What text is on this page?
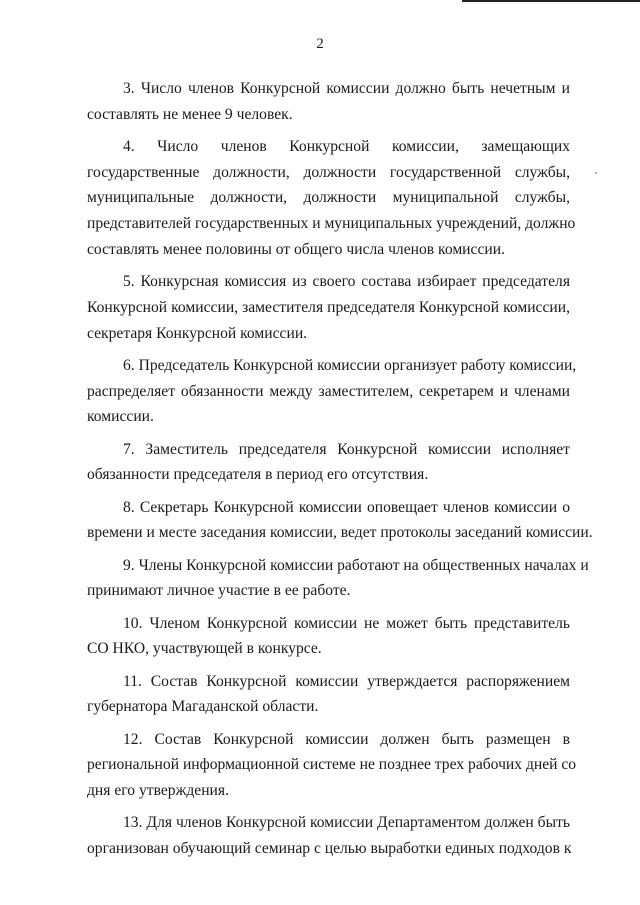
2

3. Число членов Конкурсной комиссии должно быть нечетным и
составлять не менее 9 человек.

4. Число членов Конкурсной комиссии, замещающих
государственные должности, должности государственной службы,
муниципальные должности, должности муниципальной службы,
представителей государственных и муниципальных учреждений, должно
составлять менее половины от общего числа членов комиссии.

5. Конкурсная комиссия из своего состава избирает председателя
Конкурсной комиссии, заместителя председателя Конкурсной комиссии,
секретаря Конкурсной комиссии.

6. Председатель Конкурсной комиссии организует работу комиссии,
распределяет обязанности между заместителем, секретарем и членами
комиссии.

7. Заместитель председателя Конкурсной комиссии исполняет
обязанности председателя в период его отсутствия.

8. Секретарь Конкурсной комиссии оповещает членов комиссии о
времени и месте заседания комиссии, ведет протоколы заседаний комиссии.

9. Члены Конкурсной комиссии работают на общественных началах и
принимают личное участие в ее работе.

10. Членом Конкурсной комиссии не может быть представитель
СО НКО, участвующей в конкурсе.

11. Состав Конкурсной комиссии утверждается распоряжением
губернатора Магаданской области.

12. Состав Конкурсной комиссии должен быть размещен в
региональной информационной системе не позднее трех рабочих дней со
дня его утверждения.

13. Для членов Конкурсной комиссии Департаментом должен быть
организован обучающий семинар с целью выработки единых подходов к
